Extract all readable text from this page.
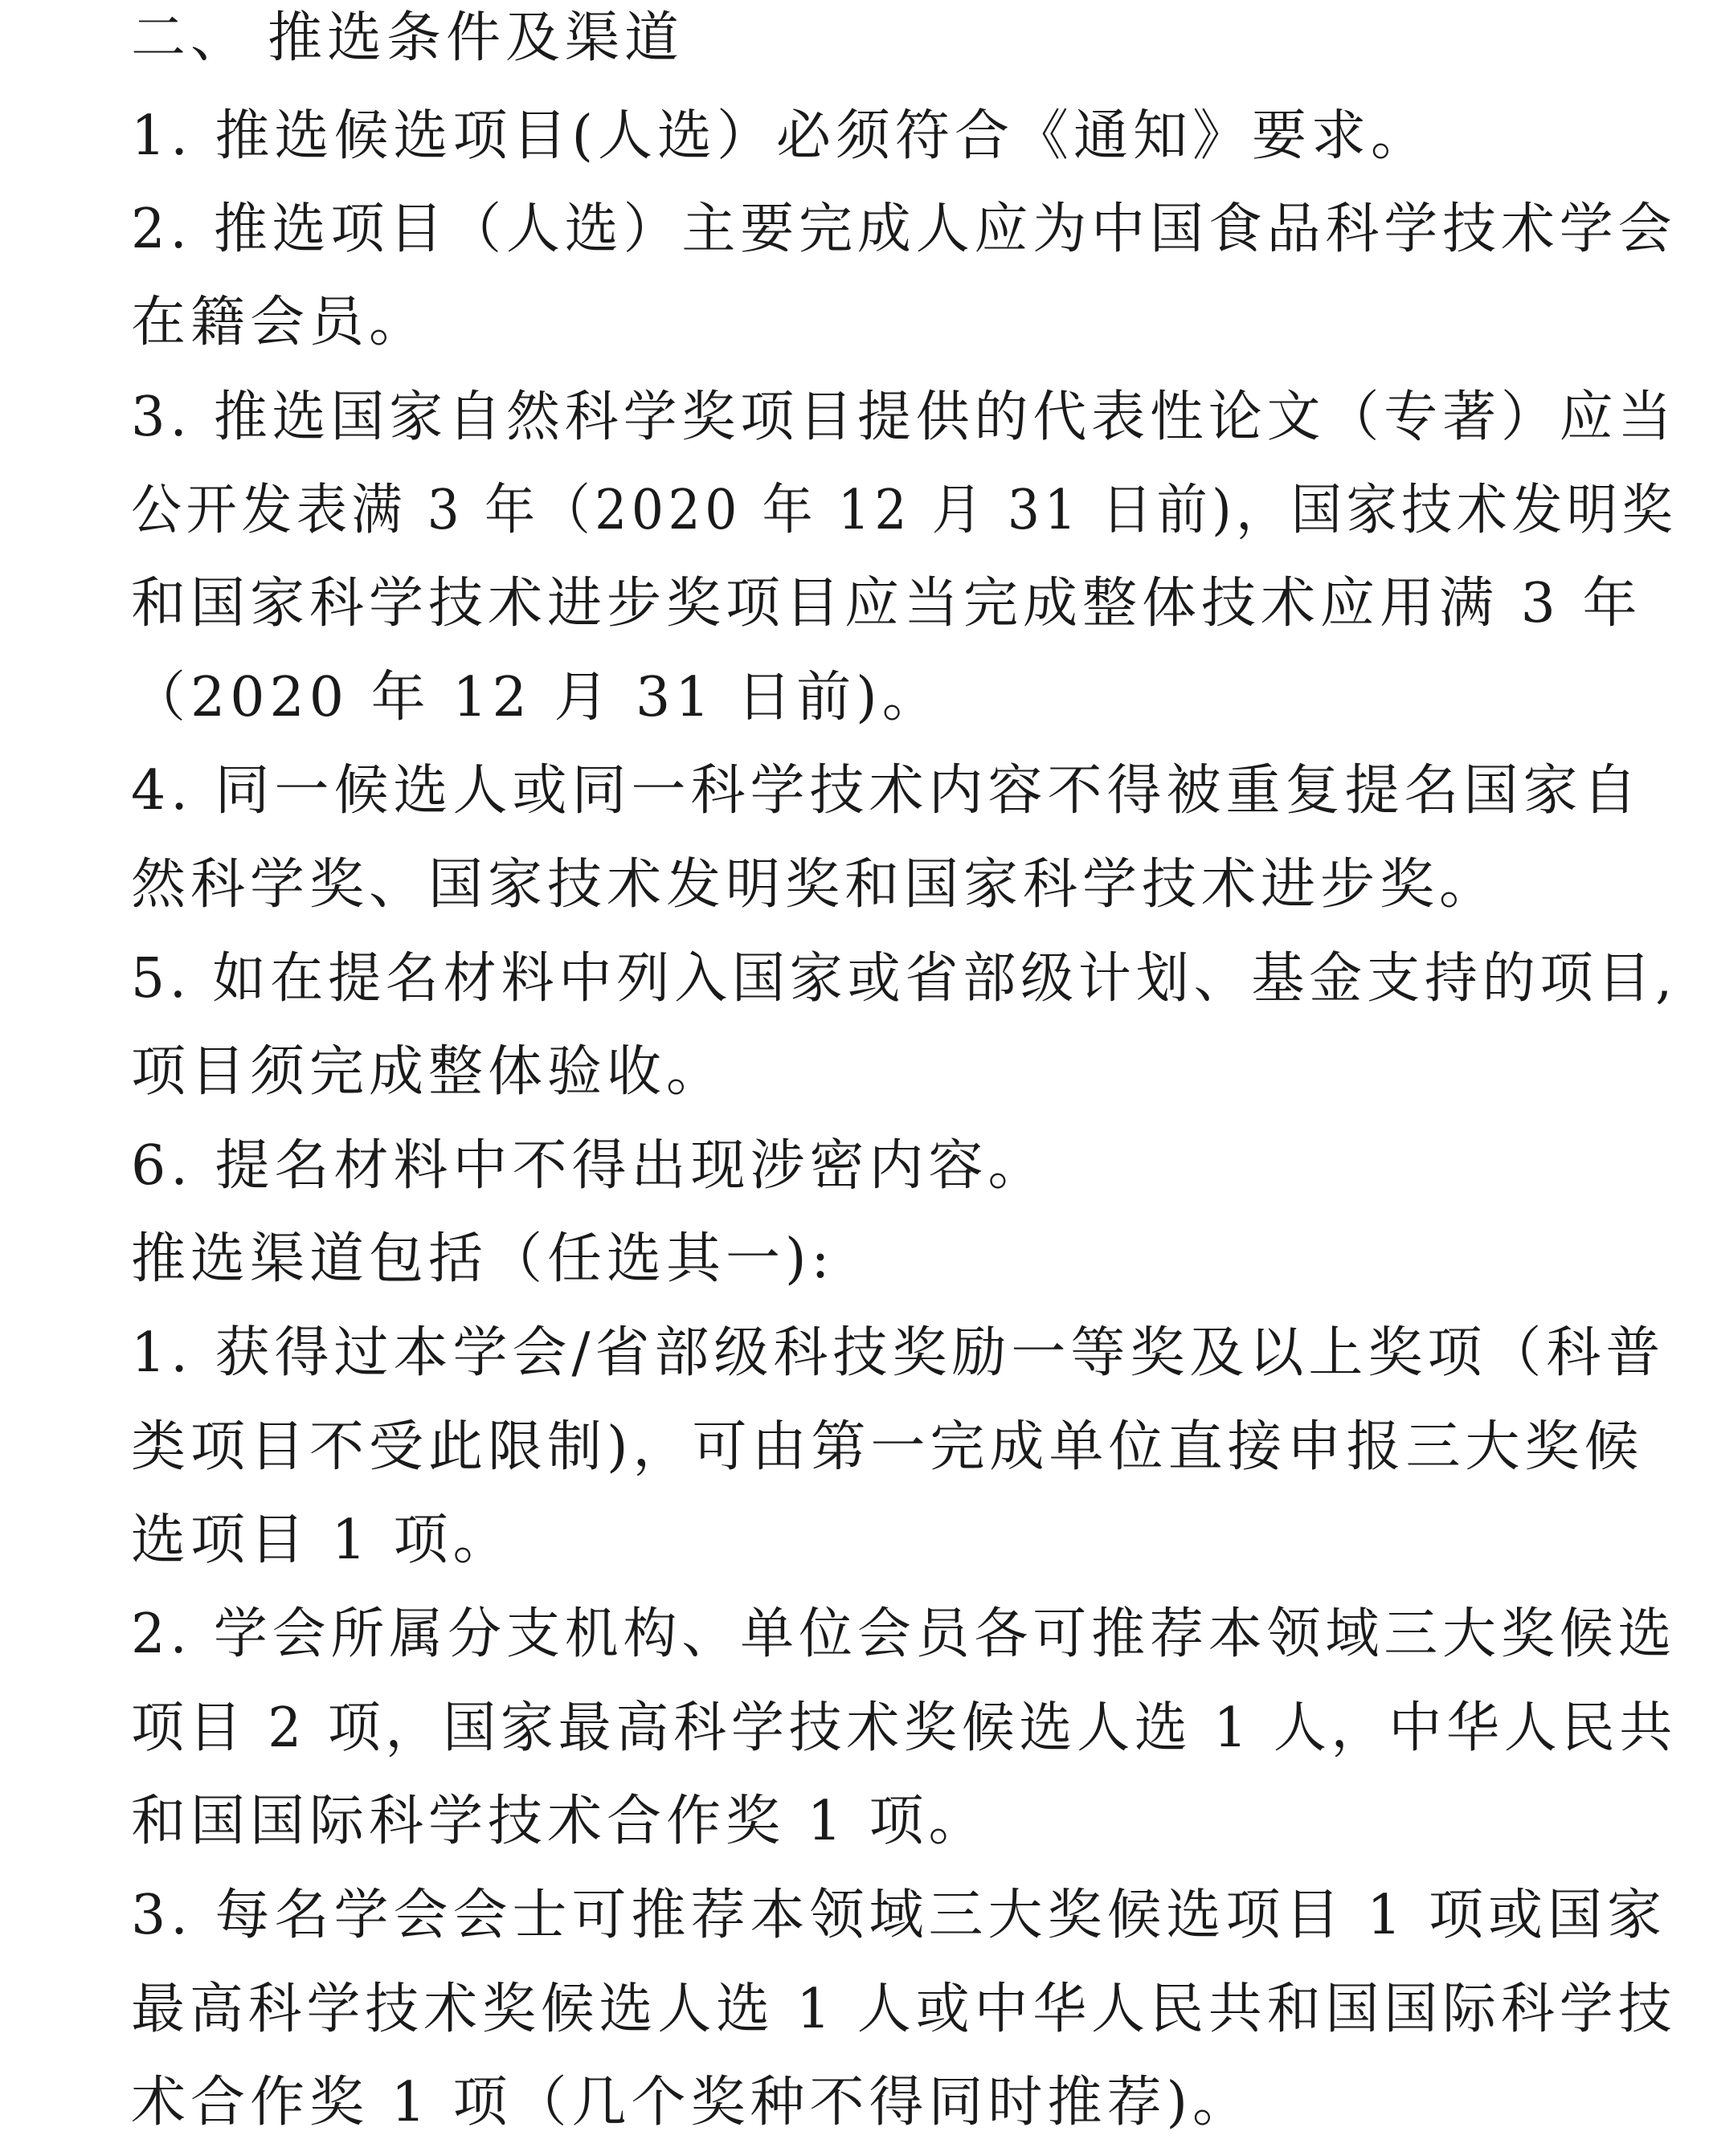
二、 推选条件及渠道
1. 推选候选项目(人选）必须符合《通知》要求。
2. 推选项目（人选）主要完成人应为中国食品科学技术学会
在籍会员。
3. 推选国家自然科学奖项目提供的代表性论文（专著）应当
公开发表满 3 年（2020 年 12 月 31 日前)，国家技术发明奖
和国家科学技术进步奖项目应当完成整体技术应用满 3 年
（2020 年 12 月 31 日前)。
4. 同一候选人或同一科学技术内容不得被重复提名国家自
然科学奖、国家技术发明奖和国家科学技术进步奖。
5. 如在提名材料中列入国家或省部级计划、基金支持的项目,
项目须完成整体验收。
6. 提名材料中不得出现涉密内容。
推选渠道包括（任选其一):
1. 获得过本学会/省部级科技奖励一等奖及以上奖项（科普
类项目不受此限制)，可由第一完成单位直接申报三大奖候
选项目 1 项。
2. 学会所属分支机构、单位会员各可推荐本领域三大奖候选
项目 2 项，国家最高科学技术奖候选人选 1 人，中华人民共
和国国际科学技术合作奖 1 项。
3. 每名学会会士可推荐本领域三大奖候选项目 1 项或国家
最高科学技术奖候选人选 1 人或中华人民共和国国际科学技
术合作奖 1 项（几个奖种不得同时推荐)。
